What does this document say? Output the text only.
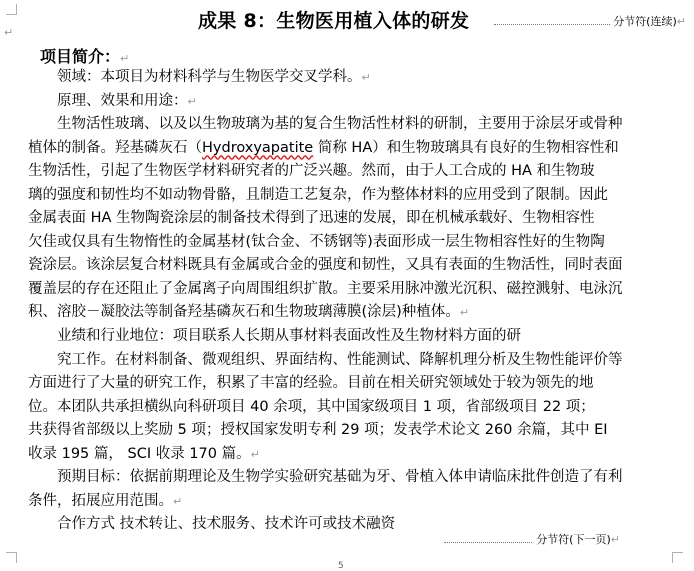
↵
成果 8：生物医用植入体的研发	分节符(连续) ↵
项目简介：↵
领域：本项目为材料科学与生物医学交叉学科。↵
原理、效果和用途：↵
生物活性玻璃、以及以生物玻璃为基的复合生物活性材料的研制，主要用于涂层牙或骨种
植体的制备。羟基磷灰石（Hydroxyapatite 简称 HA）和生物玻璃具有良好的生物相容性和
生物活性，引起了生物医学材料研究者的广泛兴趣。然而，由于人工合成的 HA 和生物玻
璃的强度和韧性均不如动物骨骼，且制造工艺复杂，作为整体材料的应用受到了限制。因此
金属表面 HA 生物陶瓷涂层的制备技术得到了迅速的发展，即在机械承载好、生物相容性
欠佳或仅具有生物惰性的金属基材(钛合金、不锈钢等)表面形成一层生物相容性好的生物陶
瓷涂层。该涂层复合材料既具有金属或合金的强度和韧性，又具有表面的生物活性，同时表面
覆盖层的存在还阻止了金属离子向周围组织扩散。主要采用脉冲激光沉积、磁控溅射、电泳沉
积、溶胶－凝胶法等制备羟基磷灰石和生物玻璃薄膜(涂层)种植体。↵
业绩和行业地位：项目联系人长期从事材料表面改性及生物材料方面的研
究工作。在材料制备、微观组织、界面结构、性能测试、降解机理分析及生物性能评价等
方面进行了大量的研究工作，积累了丰富的经验。目前在相关研究领域处于较为领先的地
位。本团队共承担横纵向科研项目 40 余项，其中国家级项目 1 项，省部级项目 22 项；
共获得省部级以上奖励 5 项；授权国家发明专利 29 项；发表学术论文 260 余篇，其中 EI
收录 195 篇， SCI 收录 170 篇。↵
预期目标：依据前期理论及生物学实验研究基础为牙、骨植入体申请临床批件创造了有利
条件，拓展应用范围。↵
合作方式 技术转让、技术服务、技术许可或技术融资
分节符(下一页) ↵
5
